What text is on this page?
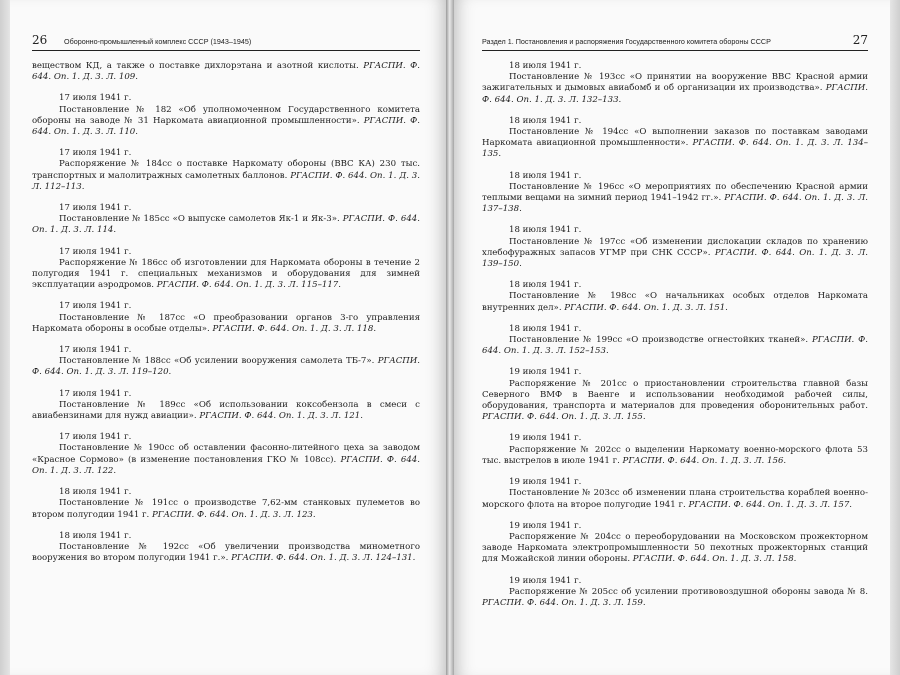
26 Оборонно-промышленный комплекс СССР (1943–1945)
веществом КД, а также о поставке дихлорэтана и азотной кислоты. РГАСПИ. Ф. 644. Оп. 1. Д. 3. Л. 109.
17 июля 1941 г.
Постановление № 182 «Об уполномоченном Государственного комитета обороны на заводе № 31 Наркомата авиационной промышленности». РГАСПИ. Ф. 644. Оп. 1. Д. 3. Л. 110.
17 июля 1941 г.
Распоряжение № 184сс о поставке Наркомату обороны (ВВС КА) 230 тыс. транспортных и малолитражных самолетных баллонов. РГАСПИ. Ф. 644. Оп. 1. Д. 3. Л. 112–113.
17 июля 1941 г.
Постановление № 185сс «О выпуске самолетов Як-1 и Як-3». РГАСПИ. Ф. 644. Оп. 1. Д. 3. Л. 114.
17 июля 1941 г.
Распоряжение № 186сс об изготовлении для Наркомата обороны в течение 2 полугодия 1941 г. специальных механизмов и оборудования для зимней эксплуатации аэродромов. РГАСПИ. Ф. 644. Оп. 1. Д. 3. Л. 115–117.
17 июля 1941 г.
Постановление № 187сс «О преобразовании органов 3-го управления Наркомата обороны в особые отделы». РГАСПИ. Ф. 644. Оп. 1. Д. 3. Л. 118.
17 июля 1941 г.
Постановление № 188сс «Об усилении вооружения самолета ТБ-7». РГАСПИ. Ф. 644. Оп. 1. Д. 3. Л. 119–120.
17 июля 1941 г.
Постановление № 189сс «Об использовании коксобензола в смеси с авиабензинами для нужд авиации». РГАСПИ. Ф. 644. Оп. 1. Д. 3. Л. 121.
17 июля 1941 г.
Постановление № 190сс об оставлении фасонно-литейного цеха за заводом «Красное Сормово» (в изменение постановления ГКО № 108сс). РГАСПИ. Ф. 644. Оп. 1. Д. 3. Л. 122.
18 июля 1941 г.
Постановление № 191сс о производстве 7,62-мм станковых пулеметов во втором полугодии 1941 г. РГАСПИ. Ф. 644. Оп. 1. Д. 3. Л. 123.
18 июля 1941 г.
Постановление № 192сс «Об увеличении производства минометного вооружения во втором полугодии 1941 г.». РГАСПИ. Ф. 644. Оп. 1. Д. 3. Л. 124–131.
Раздел 1. Постановления и распоряжения Государственного комитета обороны СССР	27
18 июля 1941 г.
Постановление № 193сс «О принятии на вооружение ВВС Красной армии зажигательных и дымовых авиабомб и об организации их производства». РГАСПИ. Ф. 644. Оп. 1. Д. 3. Л. 132–133.
18 июля 1941 г.
Постановление № 194сс «О выполнении заказов по поставкам заводами Наркомата авиационной промышленности». РГАСПИ. Ф. 644. Оп. 1. Д. 3. Л. 134–135.
18 июля 1941 г.
Постановление № 196сс «О мероприятиях по обеспечению Красной армии теплыми вещами на зимний период 1941–1942 гг.». РГАСПИ. Ф. 644. Оп. 1. Д. 3. Л. 137–138.
18 июля 1941 г.
Постановление № 197сс «Об изменении дислокации складов по хранению хлебофуражных запасов УГМР при СНК СССР». РГАСПИ. Ф. 644. Оп. 1. Д. 3. Л. 139–150.
18 июля 1941 г.
Постановление № 198сс «О начальниках особых отделов Наркомата внутренних дел». РГАСПИ. Ф. 644. Оп. 1. Д. 3. Л. 151.
18 июля 1941 г.
Постановление № 199сс «О производстве огнестойких тканей». РГАСПИ. Ф. 644. Оп. 1. Д. 3. Л. 152–153.
19 июля 1941 г.
Распоряжение № 201сс о приостановлении строительства главной базы Северного ВМФ в Ваенге и использовании необходимой рабочей силы, оборудования, транспорта и материалов для проведения оборонительных работ. РГАСПИ. Ф. 644. Оп. 1. Д. 3. Л. 155.
19 июля 1941 г.
Распоряжение № 202сс о выделении Наркомату военно-морского флота 53 тыс. выстрелов в июле 1941 г. РГАСПИ. Ф. 644. Оп. 1. Д. 3. Л. 156.
19 июля 1941 г.
Постановление № 203сс об изменении плана строительства кораблей военно-морского флота на второе полугодие 1941 г. РГАСПИ. Ф. 644. Оп. 1. Д. 3. Л. 157.
19 июля 1941 г.
Распоряжение № 204сс о переоборудовании на Московском прожекторном заводе Наркомата электропромышленности 50 пехотных прожекторных станций для Можайской линии обороны. РГАСПИ. Ф. 644. Оп. 1. Д. 3. Л. 158.
19 июля 1941 г.
Распоряжение № 205сс об усилении противовоздушной обороны завода № 8. РГАСПИ. Ф. 644. Оп. 1. Д. 3. Л. 159.
